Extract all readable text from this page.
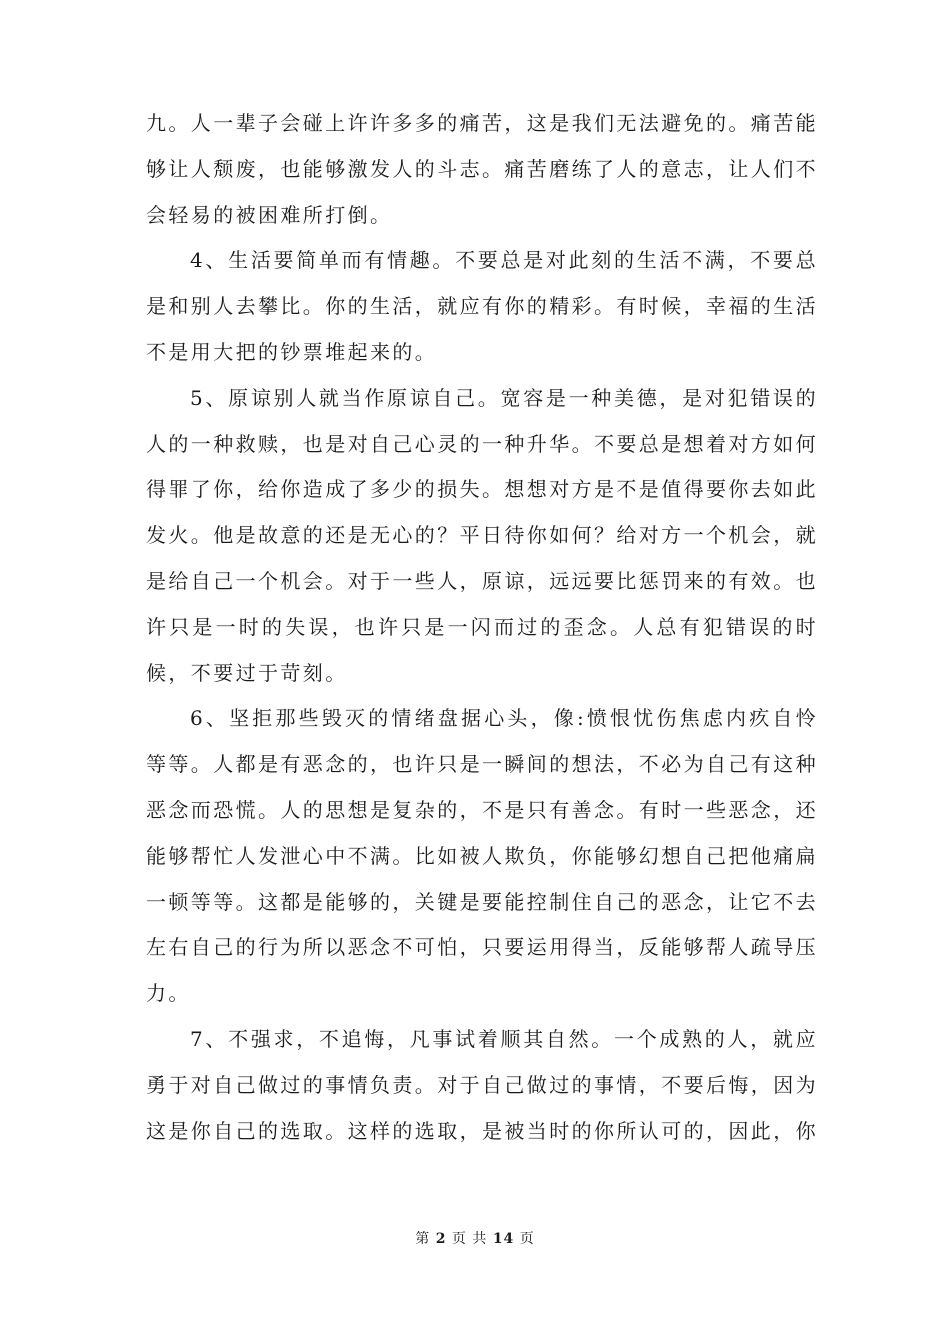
九。人一辈子会碰上许许多多的痛苦，这是我们无法避免的。痛苦能够让人颓废，也能够激发人的斗志。痛苦磨练了人的意志，让人们不会轻易的被困难所打倒。

4、生活要简单而有情趣。不要总是对此刻的生活不满，不要总是和别人去攀比。你的生活，就应有你的精彩。有时候，幸福的生活不是用大把的钞票堆起来的。

5、原谅别人就当作原谅自己。宽容是一种美德，是对犯错误的人的一种救赎，也是对自己心灵的一种升华。不要总是想着对方如何得罪了你，给你造成了多少的损失。想想对方是不是值得要你去如此发火。他是故意的还是无心的？平日待你如何？给对方一个机会，就是给自己一个机会。对于一些人，原谅，远远要比惩罚来的有效。也许只是一时的失误，也许只是一闪而过的歪念。人总有犯错误的时候，不要过于苛刻。

6、坚拒那些毁灭的情绪盘据心头，像:愤恨忧伤焦虑内疚自怜等等。人都是有恶念的，也许只是一瞬间的想法，不必为自己有这种恶念而恐慌。人的思想是复杂的，不是只有善念。有时一些恶念，还能够帮忙人发泄心中不满。比如被人欺负，你能够幻想自己把他痛扁一顿等等。这都是能够的，关键是要能控制住自己的恶念，让它不去左右自己的行为所以恶念不可怕，只要运用得当，反能够帮人疏导压力。

7、不强求，不追悔，凡事试着顺其自然。一个成熟的人，就应勇于对自己做过的事情负责。对于自己做过的事情，不要后悔，因为这是你自己的选取。这样的选取，是被当时的你所认可的，因此，你

第 2 页 共 14 页
